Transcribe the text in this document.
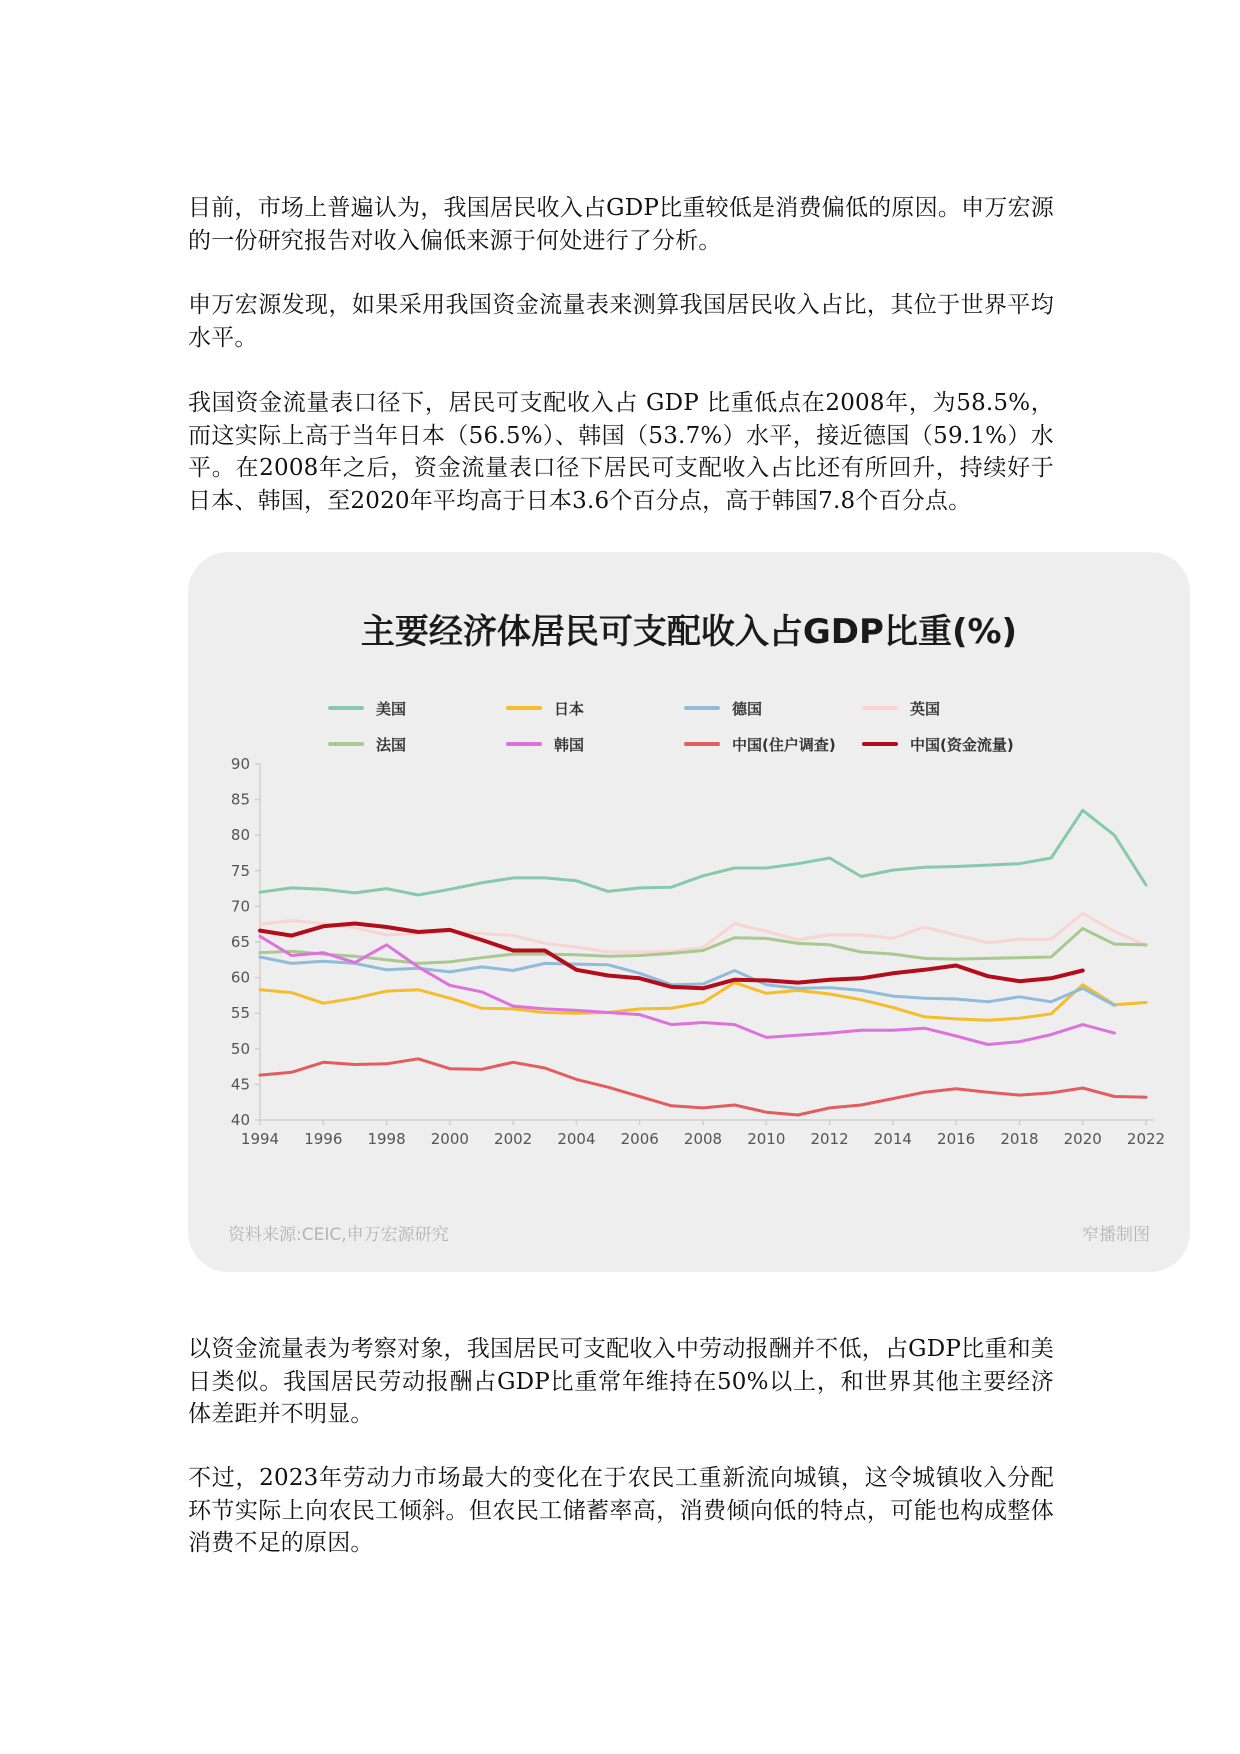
目前，市场上普遍认为，我国居民收入占GDP比重较低是消费偏低的原因。申万宏源的一份研究报告对收入偏低来源于何处进行了分析。

申万宏源发现，如果采用我国资金流量表来测算我国居民收入占比，其位于世界平均水平。

我国资金流量表口径下，居民可支配收入占 GDP 比重低点在2008年，为58.5%，而这实际上高于当年日本（56.5%）、韩国（53.7%）水平，接近德国（59.1%）水平。在2008年之后，资金流量表口径下居民可支配收入占比还有所回升，持续好于日本、韩国，至2020年平均高于日本3.6个百分点，高于韩国7.8个百分点。

主要经济体居民可支配收入占GDP比重(%)
美国	日本	德国	英国
法国	韩国	中国(住户调查)	中国(资金流量)
40
45
50
55
60
65
70
75
80
85
90
1994 1996 1998 2000 2002 2004 2006 2008 2010 2012 2014 2016 2018 2020 2022
资料来源:CEIC,申万宏源研究	窄播制图

以资金流量表为考察对象，我国居民可支配收入中劳动报酬并不低，占GDP比重和美日类似。我国居民劳动报酬占GDP比重常年维持在50%以上，和世界其他主要经济体差距并不明显。

不过，2023年劳动力市场最大的变化在于农民工重新流向城镇，这令城镇收入分配环节实际上向农民工倾斜。但农民工储蓄率高，消费倾向低的特点，可能也构成整体消费不足的原因。
